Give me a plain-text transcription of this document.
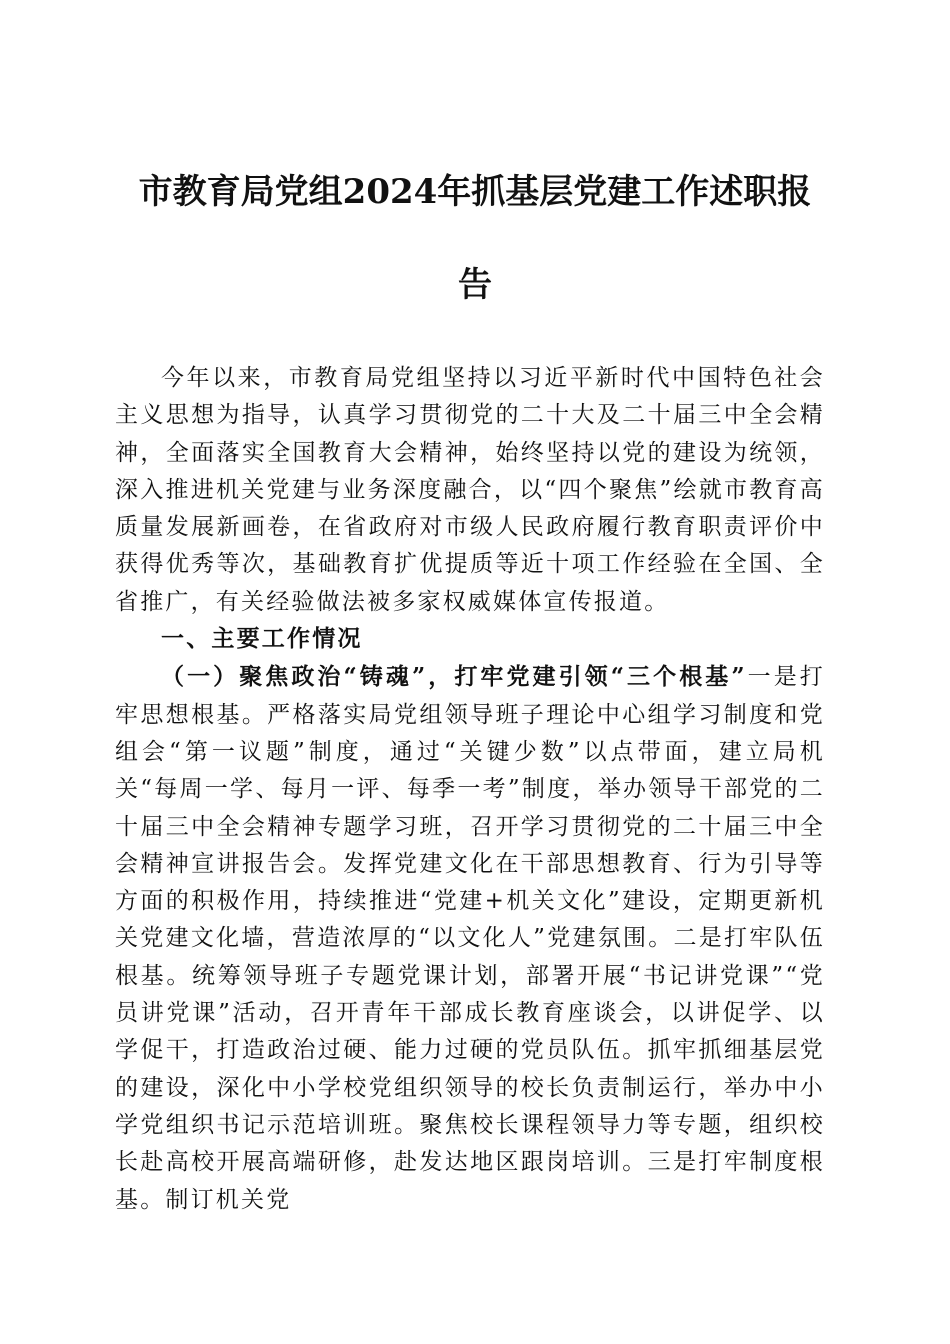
市教育局党组2024年抓基层党建工作述职报
告

今年以来，市教育局党组坚持以习近平新时代中国特色社会主义思想为指导，认真学习贯彻党的二十大及二十届三中全会精神，全面落实全国教育大会精神，始终坚持以党的建设为统领，深入推进机关党建与业务深度融合，以“四个聚焦”绘就市教育高质量发展新画卷，在省政府对市级人民政府履行教育职责评价中获得优秀等次，基础教育扩优提质等近十项工作经验在全国、全省推广，有关经验做法被多家权威媒体宣传报道。

一、主要工作情况

（一）聚焦政治“铸魂”，打牢党建引领“三个根基”一是打牢思想根基。严格落实局党组领导班子理论中心组学习制度和党组会“第一议题”制度，通过“关键少数”以点带面，建立局机关“每周一学、每月一评、每季一考”制度，举办领导干部党的二十届三中全会精神专题学习班，召开学习贯彻党的二十届三中全会精神宣讲报告会。发挥党建文化在干部思想教育、行为引导等方面的积极作用，持续推进“党建+机关文化”建设，定期更新机关党建文化墙，营造浓厚的“以文化人”党建氛围。二是打牢队伍根基。统筹领导班子专题党课计划，部署开展“书记讲党课”“党员讲党课”活动，召开青年干部成长教育座谈会，以讲促学、以学促干，打造政治过硬、能力过硬的党员队伍。抓牢抓细基层党的建设，深化中小学校党组织领导的校长负责制运行，举办中小学党组织书记示范培训班。聚焦校长课程领导力等专题，组织校长赴高校开展高端研修，赴发达地区跟岗培训。三是打牢制度根基。制订机关党
